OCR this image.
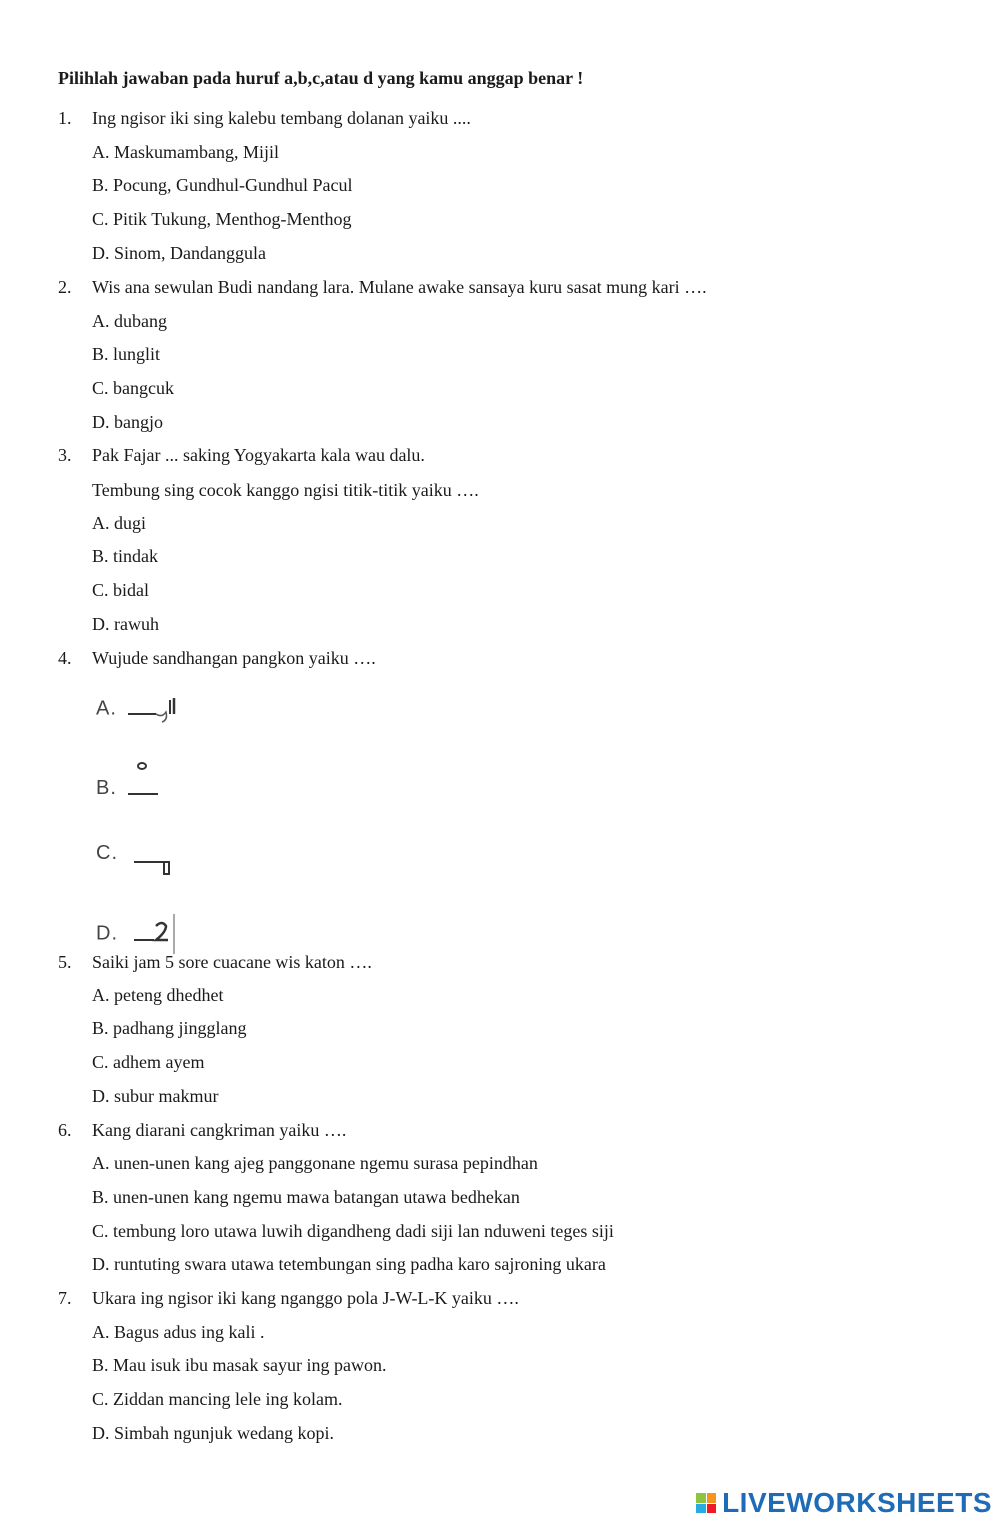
Pilihlah jawaban pada huruf a,b,c,atau d yang kamu anggap benar !
1.	Ing ngisor iki sing kalebu tembang dolanan yaiku ....
A. Maskumambang, Mijil
B. Pocung, Gundhul-Gundhul Pacul
C. Pitik Tukung, Menthog-Menthog
D. Sinom, Dandanggula
2.	Wis ana sewulan Budi nandang lara. Mulane awake sansaya kuru sasat mung kari ….
A. dubang
B. lunglit
C. bangcuk
D. bangjo
3.	Pak Fajar ... saking Yogyakarta kala wau dalu.
Tembung sing cocok kanggo ngisi titik-titik yaiku ….
A. dugi
B. tindak
C. bidal
D. rawuh
4.	Wujude sandhangan pangkon yaiku ….
A.
B.
C.
D.
5.	Saiki jam 5 sore cuacane wis katon ….
A. peteng dhedhet
B. padhang jingglang
C. adhem ayem
D. subur makmur
6.	Kang diarani cangkriman yaiku ….
A. unen-unen kang ajeg panggonane ngemu surasa pepindhan
B. unen-unen kang ngemu mawa batangan utawa bedhekan
C. tembung loro utawa luwih digandheng dadi siji lan nduweni teges siji
D. runtuting swara utawa tetembungan sing padha karo sajroning ukara
7.	Ukara ing ngisor iki kang nganggo pola J-W-L-K yaiku ….
A. Bagus adus ing kali .
B. Mau isuk ibu masak sayur ing pawon.
C. Ziddan mancing lele ing kolam.
D. Simbah ngunjuk wedang kopi.
LIVEWORKSHEETS
